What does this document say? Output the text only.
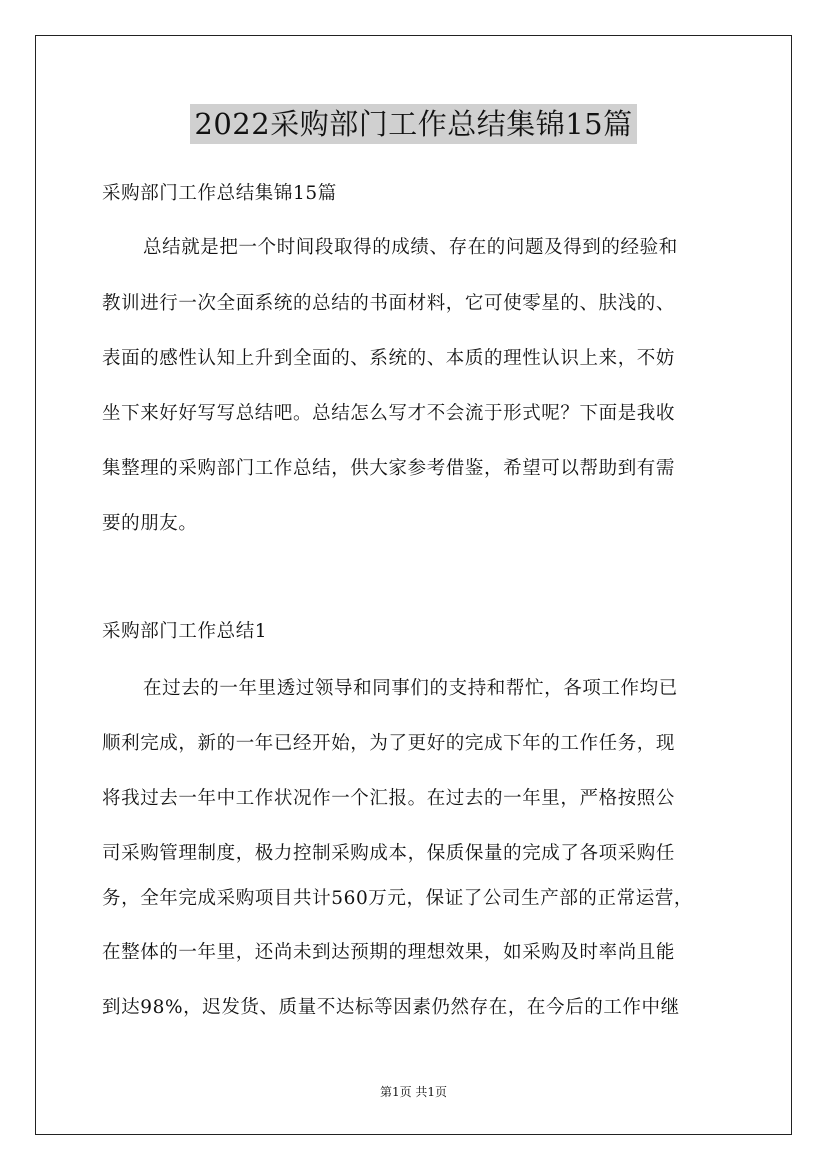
2022采购部门工作总结集锦15篇
采购部门工作总结集锦15篇
总结就是把一个时间段取得的成绩、存在的问题及得到的经验和
教训进行一次全面系统的总结的书面材料，它可使零星的、肤浅的、
表面的感性认知上升到全面的、系统的、本质的理性认识上来，不妨
坐下来好好写写总结吧。总结怎么写才不会流于形式呢？下面是我收
集整理的采购部门工作总结，供大家参考借鉴，希望可以帮助到有需
要的朋友。
采购部门工作总结1
在过去的一年里透过领导和同事们的支持和帮忙，各项工作均已
顺利完成，新的一年已经开始，为了更好的完成下年的工作任务，现
将我过去一年中工作状况作一个汇报。在过去的一年里，严格按照公
司采购管理制度，极力控制采购成本，保质保量的完成了各项采购任
务，全年完成采购项目共计560万元，保证了公司生产部的正常运营，
在整体的一年里，还尚未到达预期的理想效果，如采购及时率尚且能
到达98%，迟发货、质量不达标等因素仍然存在，在今后的工作中继
第1页 共1页
